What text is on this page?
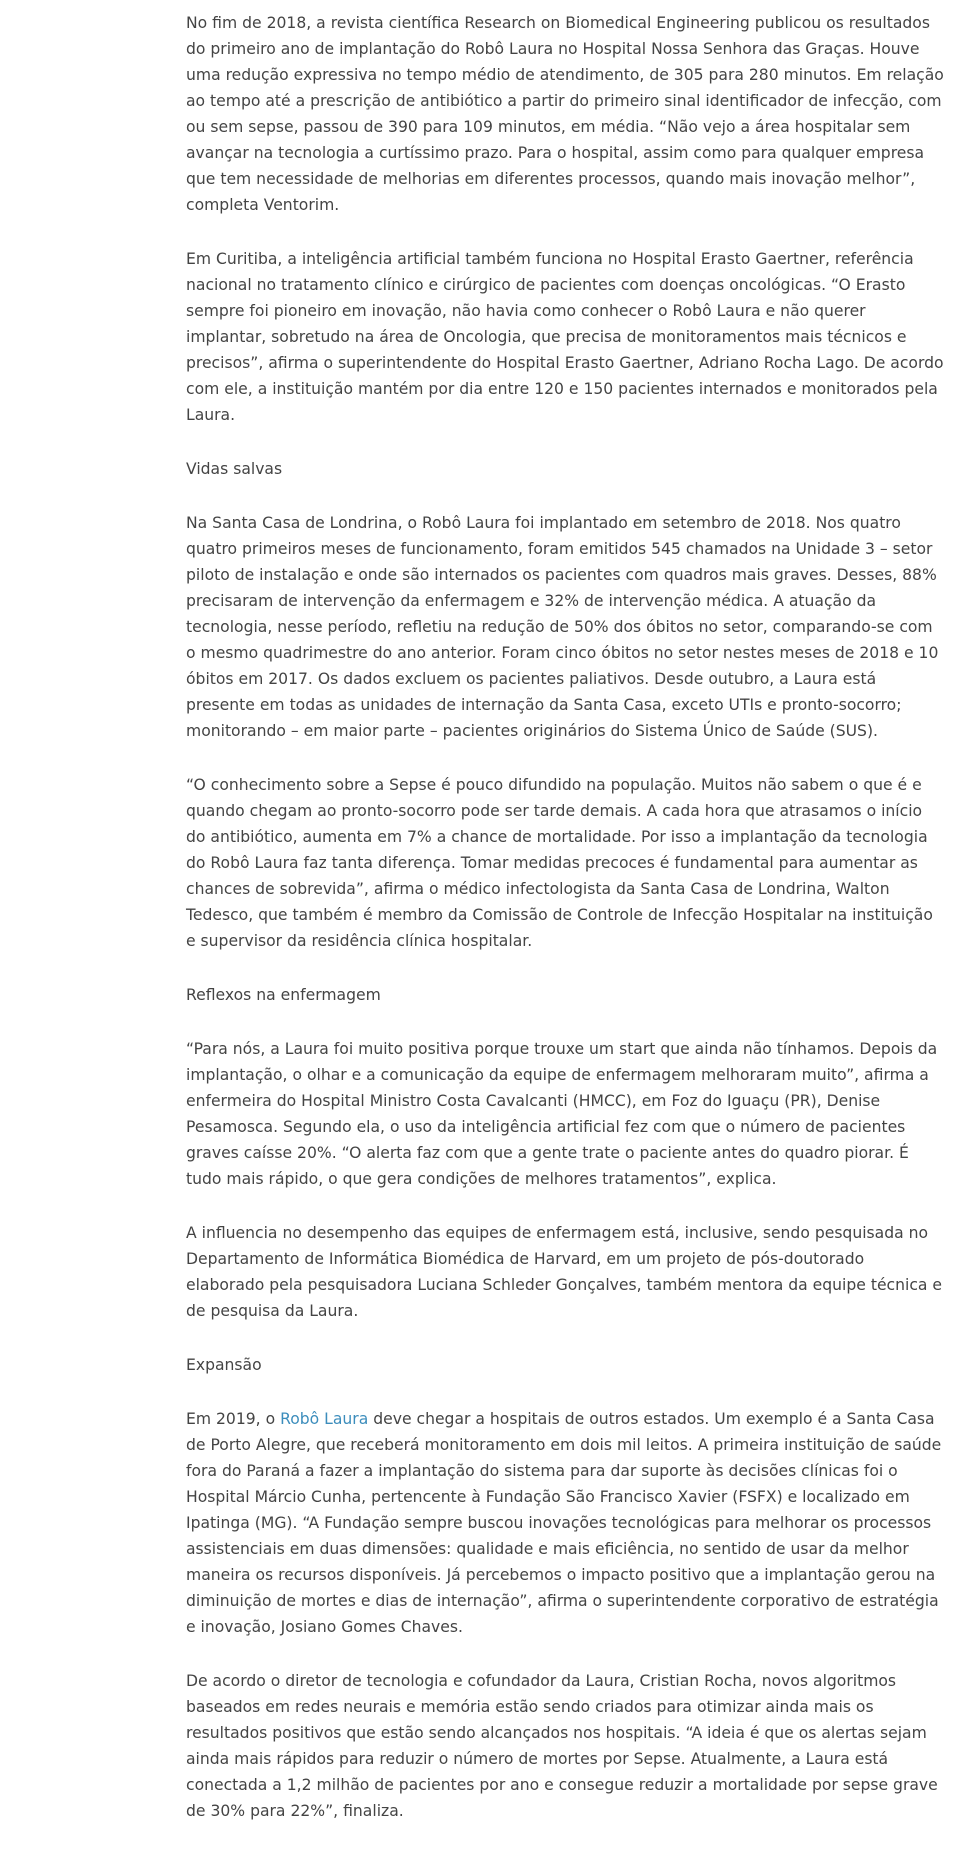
No fim de 2018, a revista científica Research on Biomedical Engineering publicou os resultados do primeiro ano de implantação do Robô Laura no Hospital Nossa Senhora das Graças. Houve uma redução expressiva no tempo médio de atendimento, de 305 para 280 minutos. Em relação ao tempo até a prescrição de antibiótico a partir do primeiro sinal identificador de infecção, com ou sem sepse, passou de 390 para 109 minutos, em média. “Não vejo a área hospitalar sem avançar na tecnologia a curtíssimo prazo. Para o hospital, assim como para qualquer empresa que tem necessidade de melhorias em diferentes processos, quando mais inovação melhor”, completa Ventorim.

Em Curitiba, a inteligência artificial também funciona no Hospital Erasto Gaertner, referência nacional no tratamento clínico e cirúrgico de pacientes com doenças oncológicas. “O Erasto sempre foi pioneiro em inovação, não havia como conhecer o Robô Laura e não querer implantar, sobretudo na área de Oncologia, que precisa de monitoramentos mais técnicos e precisos”, afirma o superintendente do Hospital Erasto Gaertner, Adriano Rocha Lago. De acordo com ele, a instituição mantém por dia entre 120 e 150 pacientes internados e monitorados pela Laura.

Vidas salvas

Na Santa Casa de Londrina, o Robô Laura foi implantado em setembro de 2018. Nos quatro quatro primeiros meses de funcionamento, foram emitidos 545 chamados na Unidade 3 – setor piloto de instalação e onde são internados os pacientes com quadros mais graves. Desses, 88% precisaram de intervenção da enfermagem e 32% de intervenção médica. A atuação da tecnologia, nesse período, refletiu na redução de 50% dos óbitos no setor, comparando-se com o mesmo quadrimestre do ano anterior. Foram cinco óbitos no setor nestes meses de 2018 e 10 óbitos em 2017. Os dados excluem os pacientes paliativos. Desde outubro, a Laura está presente em todas as unidades de internação da Santa Casa, exceto UTIs e pronto-socorro; monitorando – em maior parte – pacientes originários do Sistema Único de Saúde (SUS).

“O conhecimento sobre a Sepse é pouco difundido na população. Muitos não sabem o que é e quando chegam ao pronto-socorro pode ser tarde demais. A cada hora que atrasamos o início do antibiótico, aumenta em 7% a chance de mortalidade. Por isso a implantação da tecnologia do Robô Laura faz tanta diferença. Tomar medidas precoces é fundamental para aumentar as chances de sobrevida”, afirma o médico infectologista da Santa Casa de Londrina, Walton Tedesco, que também é membro da Comissão de Controle de Infecção Hospitalar na instituição e supervisor da residência clínica hospitalar.

Reflexos na enfermagem

“Para nós, a Laura foi muito positiva porque trouxe um start que ainda não tínhamos. Depois da implantação, o olhar e a comunicação da equipe de enfermagem melhoraram muito”, afirma a enfermeira do Hospital Ministro Costa Cavalcanti (HMCC), em Foz do Iguaçu (PR), Denise Pesamosca. Segundo ela, o uso da inteligência artificial fez com que o número de pacientes graves caísse 20%. “O alerta faz com que a gente trate o paciente antes do quadro piorar. É tudo mais rápido, o que gera condições de melhores tratamentos”, explica.

A influencia no desempenho das equipes de enfermagem está, inclusive, sendo pesquisada no Departamento de Informática Biomédica de Harvard, em um projeto de pós-doutorado elaborado pela pesquisadora Luciana Schleder Gonçalves, também mentora da equipe técnica e de pesquisa da Laura.

Expansão

Em 2019, o Robô Laura deve chegar a hospitais de outros estados. Um exemplo é a Santa Casa de Porto Alegre, que receberá monitoramento em dois mil leitos. A primeira instituição de saúde fora do Paraná a fazer a implantação do sistema para dar suporte às decisões clínicas foi o Hospital Márcio Cunha, pertencente à Fundação São Francisco Xavier (FSFX) e localizado em Ipatinga (MG). “A Fundação sempre buscou inovações tecnológicas para melhorar os processos assistenciais em duas dimensões: qualidade e mais eficiência, no sentido de usar da melhor maneira os recursos disponíveis. Já percebemos o impacto positivo que a implantação gerou na diminuição de mortes e dias de internação”, afirma o superintendente corporativo de estratégia e inovação, Josiano Gomes Chaves.

De acordo o diretor de tecnologia e cofundador da Laura, Cristian Rocha, novos algoritmos baseados em redes neurais e memória estão sendo criados para otimizar ainda mais os resultados positivos que estão sendo alcançados nos hospitais. “A ideia é que os alertas sejam ainda mais rápidos para reduzir o número de mortes por Sepse. Atualmente, a Laura está conectada a 1,2 milhão de pacientes por ano e consegue reduzir a mortalidade por sepse grave de 30% para 22%”, finaliza.
